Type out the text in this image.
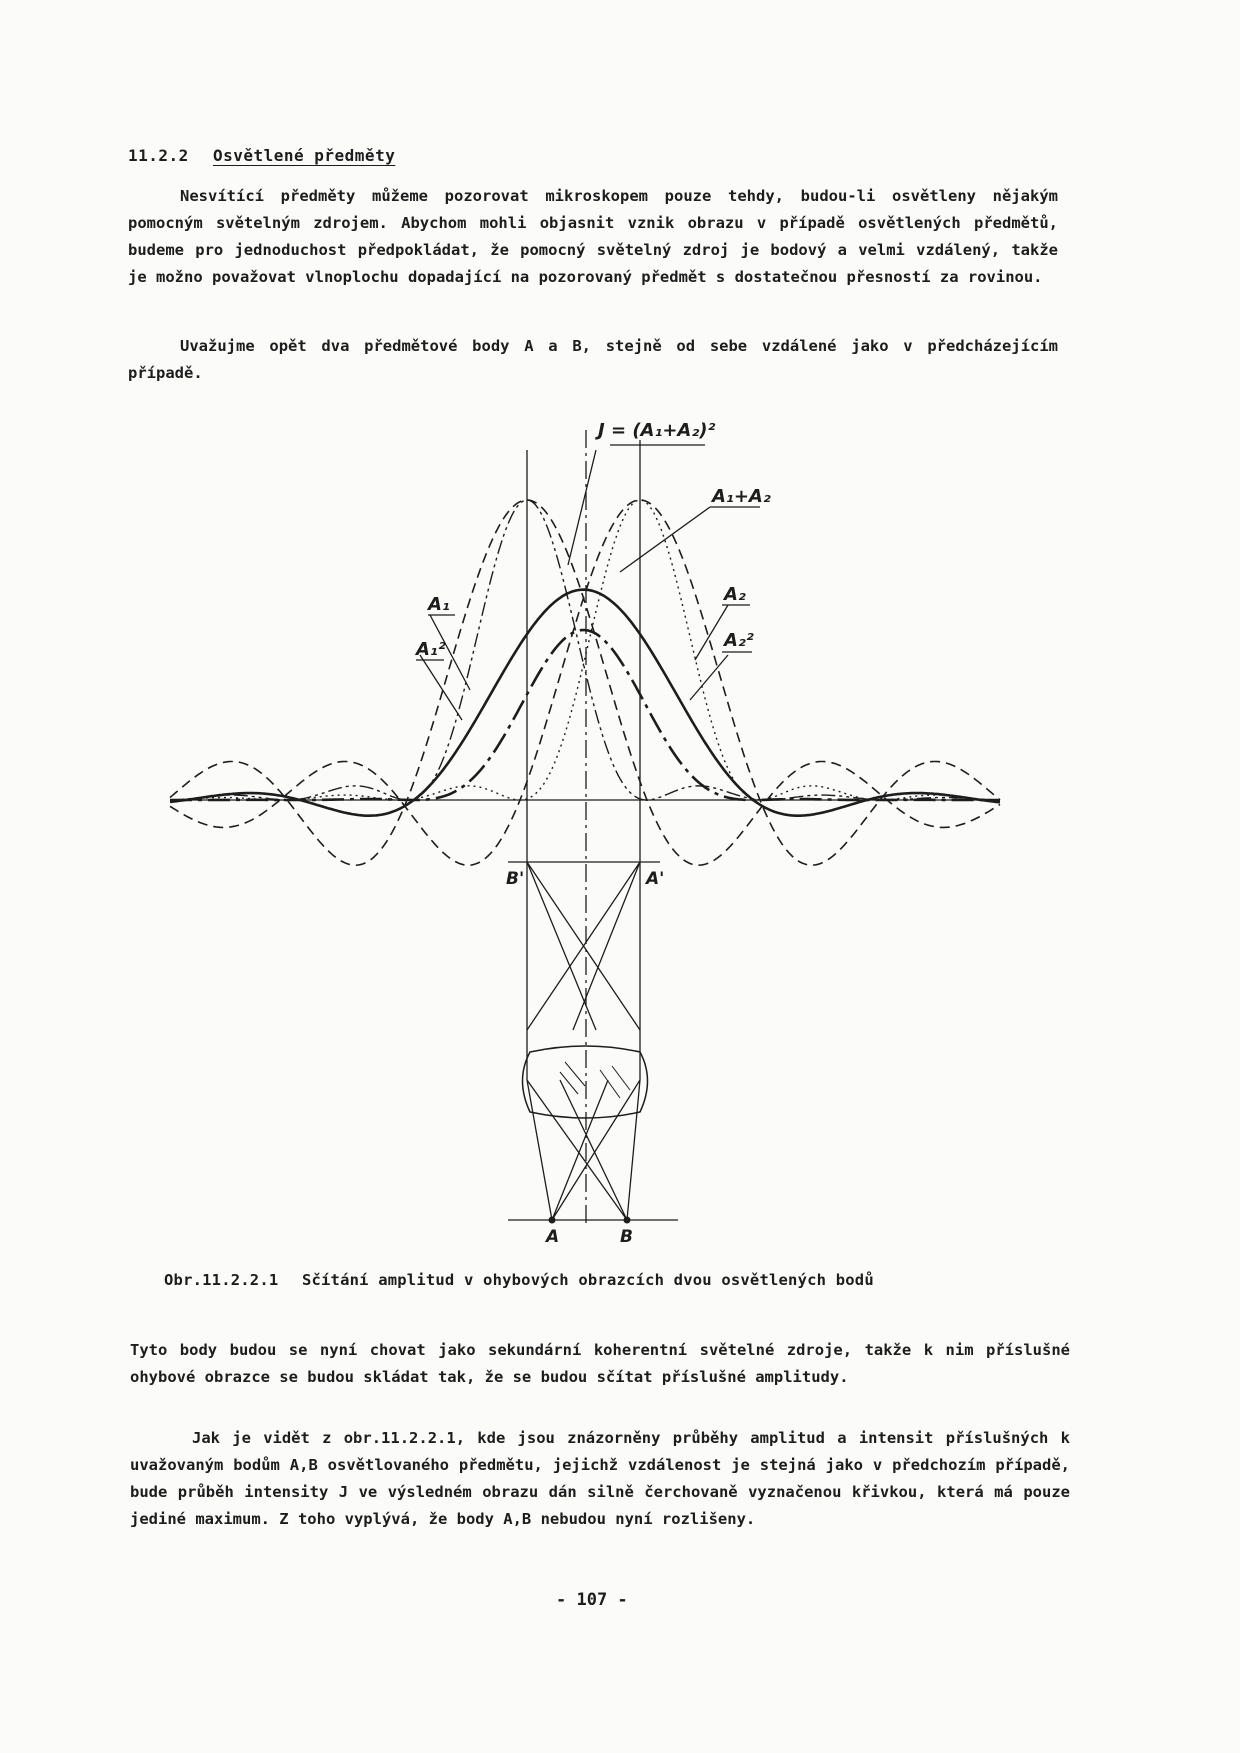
11.2.2 Osvětlené předměty
Nesvítící předměty můžeme pozorovat mikroskopem pouze tehdy, budou-li osvětleny nějakým pomocným světelným zdrojem. Abychom mohli objasnit vznik obrazu v případě osvětlených předmětů, budeme pro jednoduchost předpokládat, že pomocný světelný zdroj je bodový a velmi vzdálený, takže je možno považovat vlnoplochu dopadající na pozorovaný předmět s dostatečnou přesností za rovinou.
Uvažujme opět dva předmětové body A a B, stejně od sebe vzdálené jako v předcházejícím případě.
J = (A₁+A₂)²
A₁+A₂
A₁
A₁²
A₂
A₂²
B'	A'
A	B
Obr.11.2.2.1 Sčítání amplitud v ohybových obrazcích dvou osvětlených bodů
Tyto body budou se nyní chovat jako sekundární koherentní světelné zdroje, takže k nim příslušné ohybové obrazce se budou skládat tak, že se budou sčítat příslušné amplitudy.
Jak je vidět z obr.11.2.2.1, kde jsou znázorněny průběhy amplitud a intensit příslušných k uvažovaným bodům A,B osvětlovaného předmětu, jejichž vzdálenost je stejná jako v předchozím případě, bude průběh intensity J ve výsledném obrazu dán silně čerchovaně vyznačenou křivkou, která má pouze jediné maximum. Z toho vyplývá, že body A,B nebudou nyní rozlišeny.
- 107 -
